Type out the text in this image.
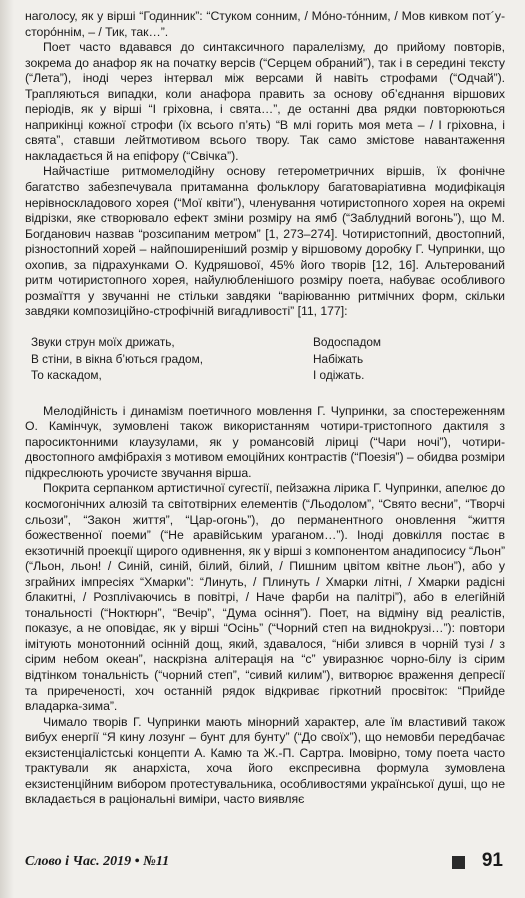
наголосу, як у вірші “Годинник”: “Стуком сонним, / Мо́но-то́нним, / Мов кивком пот´у-сторо́ннім, – / Тик, так…”.

Поет часто вдавався до синтаксичного паралелізму, до прийому повторів, зокрема до анафор як на початку версів (“Серцем обраний”), так і в середині тексту (“Лета”), іноді через інтервал між версами й навіть строфами (“Одчай”). Трапляються випадки, коли анафора править за основу об’єднання віршових періодів, як у вірші “І гріховна, і свята…”, де останні два рядки повторюються наприкінці кожної строфи (їх всього п’ять) “В млі горить моя мета – / І гріховна, і свята”, ставши лейтмотивом всього твору. Так само змістове навантаження накладається й на епіфору (“Свічка”).

Найчастіше ритмомелодійну основу гетерометричних віршів, їх фонічне багатство забезпечувала притаманна фольклору багатоваріативна модифікація нерівноскладового хорея (“Мої квіти”), членування чотиристопного хорея на окремі відрізки, яке створювало ефект зміни розміру на ямб (“Заблудний вогонь”), що М. Богданович назвав “розсипаним метром” [1, 273–274]. Чотиристопний, двостопний, різностопний хорей – найпоширеніший розмір у віршовому доробку Г. Чупринки, що охопив, за підрахунками О. Кудряшової, 45% його творів [12, 16]. Альтерований ритм чотиристопного хорея, найулюбленішого розміру поета, набуває особливого розмаїття у звучанні не стільки завдяки “варіюванню ритмічних форм, скільки завдяки композиційно-строфічній вигадливості” [11, 177]:

Звуки струн моїх дрижать,
В стіни, в вікна б’ються градом,
То каскадом,
Водоспадом
Набіжать
І одіжать.

Мелодійність і динамізм поетичного мовлення Г. Чупринки, за спостереженням О. Камінчук, зумовлені також використанням чотири-тристопного дактиля з паросиктонними клаузулами, як у романсовій ліриці (“Чари ночі”), чотири-двостопного амфібрахія з мотивом емоційних контрастів (“Поезія”) – обидва розміри підкреслюють урочисте звучання вірша.

Покрита серпанком артистичної сугестії, пейзажна лірика Г. Чупринки, апелює до космогонічних алюзій та світотвірних елементів (“Льодолом”, “Свято весни”, “Творчі сльози”, “Закон життя”, “Цар-огонь”), до перманентного оновлення “життя божественної поеми” (“Не аравійським ураганом…”). Іноді довкілля постає в екзотичній проекції щирого одивнення, як у вірші з компонентом анадипосису “Льон” (“Льон, льон! / Синій, синій, білий, білий, / Пишним цвітом квітне льон”), або у згрaйних імпресіях “Хмарки”: “Линуть, / Плинуть / Хмарки літні, / Хмарки радісні блакитні, / Розплivaючись в повітрі, / Наче фарби на палітрі”), або в елегійній тональності (“Ноктюрн”, “Вечір”, “Дума осіння”). Поет, на відміну від реалістів, показує, а не оповідає, як у вірші “Осінь” (“Чорний степ на видноkрузі…”): повтори імітують монотонний осінній дощ, який, здавалося, “ніби злився в чорній тузі / з сірим небом океан”, наскрізна алітерація на “с” увиразнює чорно-білу із сірим відтінком тональність (“чорний степ”, “сивий килим”), витворює враження депресії та приреченості, хоч останній рядок відкриває гіркотний просвіток: “Прийде владарка-зима”.

Чимало творів Г. Чупринки мають мінорний характер, але їм властивий також вибух енергії “Я кину лозунг – бунт для бунту” (“До своїх”), що немовби передбачає екзистенціалістські концепти А. Камю та Ж.-П. Сартра. Імовірно, тому поета часто трактували як анархіста, хоча його експресивна формула зумовлена екзистенційним вибором протестувальника, особливостями української душі, що не вкладається в раціональні виміри, часто виявляє

Слово і Час. 2019 • №11	91
